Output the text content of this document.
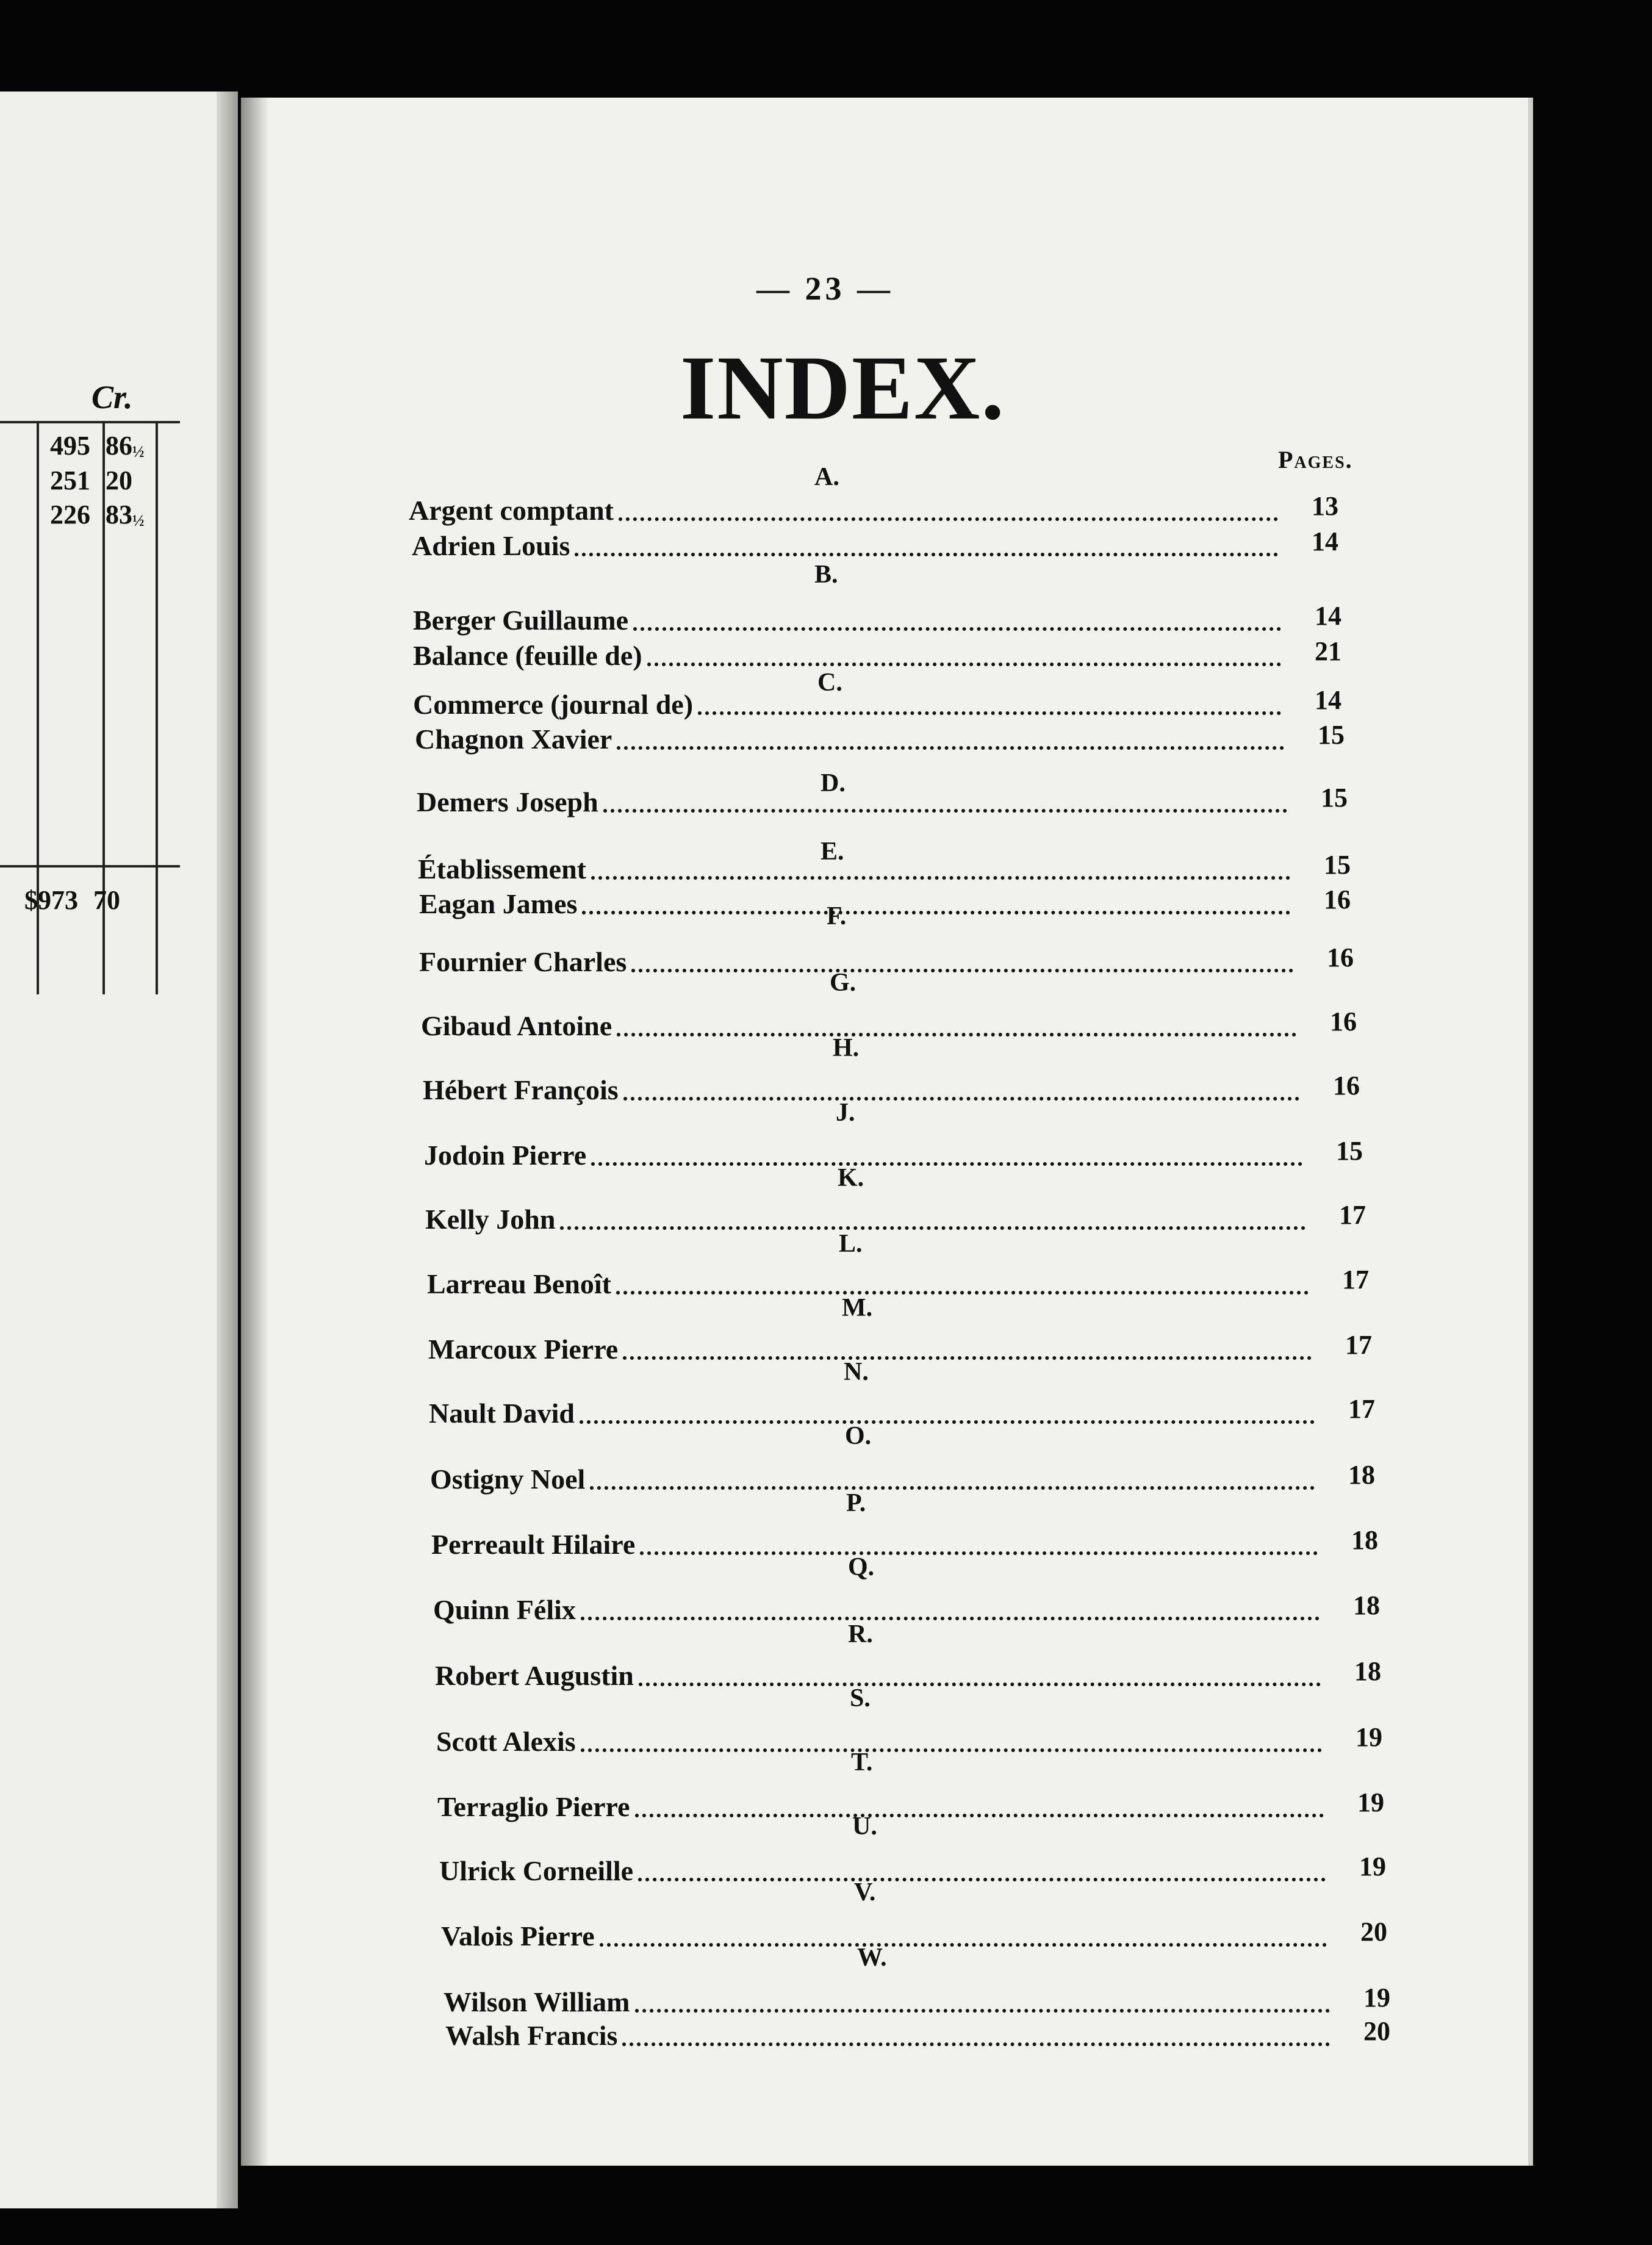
Cr.
495 86½
251 20
226 83½
$973 70
— 23 —
INDEX.
Pages.
A.
B.
C.
D.
E.
F.
G.
H.
J.
K.
L.
M.
N.
O.
P.
Q.
R.
S.
T.
U.
V.
W.
Argent comptant	13
Adrien Louis	14
Berger Guillaume	14
Balance (feuille de)	21
Commerce (journal de)	14
Chagnon Xavier	15
Demers Joseph	15
Établissement	15
Eagan James	16
Fournier Charles	16
Gibaud Antoine	16
Hébert François	16
Jodoin Pierre	15
Kelly John	17
Larreau Benoît	17
Marcoux Pierre	17
Nault David	17
Ostigny Noel	18
Perreault Hilaire	18
Quinn Félix	18
Robert Augustin	18
Scott Alexis	19
Terraglio Pierre	19
Ulrick Corneille	19
Valois Pierre	20
Wilson William	19
Walsh Francis	20
